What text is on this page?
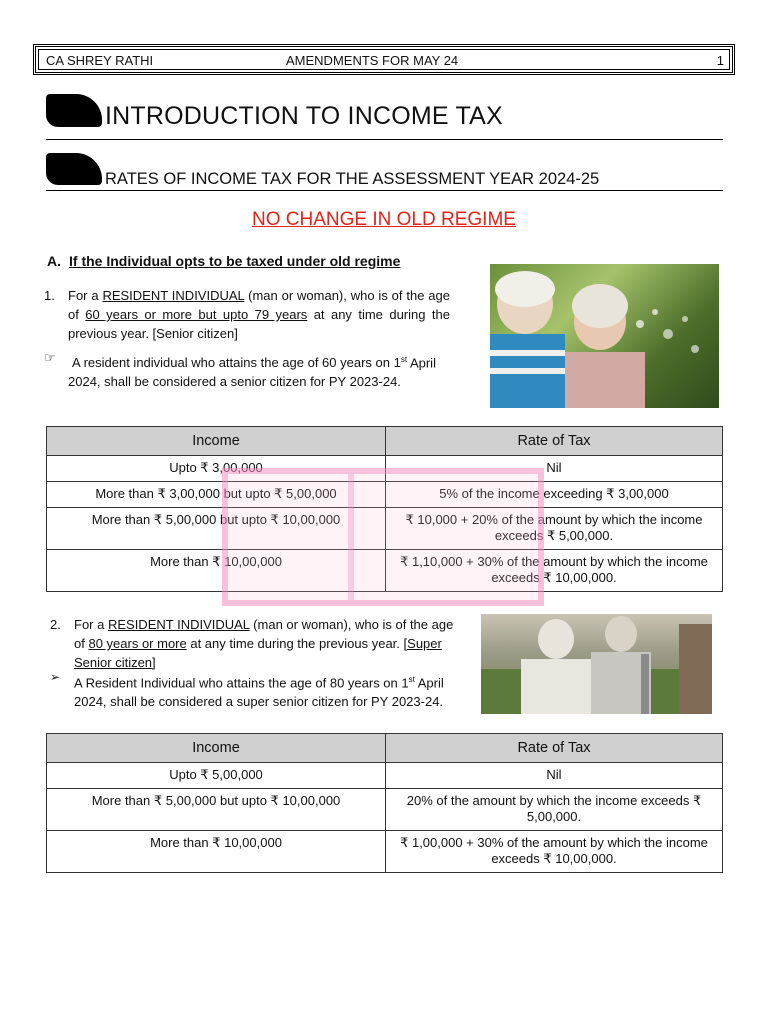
CA SHREY RATHI	AMENDMENTS FOR MAY 24	1
INTRODUCTION TO INCOME TAX
RATES OF INCOME TAX FOR THE ASSESSMENT YEAR 2024-25
NO CHANGE IN OLD REGIME
A. If the Individual opts to be taxed under old regime
1. For a RESIDENT INDIVIDUAL (man or woman), who is of the age of 60 years or more but upto 79 years at any time during the previous year. [Senior citizen]
☞	A resident individual who attains the age of 60 years on 1st April 2024, shall be considered a senior citizen for PY 2023-24.
Income	Rate of Tax
Upto ₹ 3,00,000	Nil
More than ₹ 3,00,000 but upto ₹ 5,00,000	5% of the income exceeding ₹ 3,00,000
More than ₹ 5,00,000 but upto ₹ 10,00,000	₹ 10,000 + 20% of the amount by which the income exceeds ₹ 5,00,000.
More than ₹ 10,00,000	₹ 1,10,000 + 30% of the amount by which the income exceeds ₹ 10,00,000.
2. For a RESIDENT INDIVIDUAL (man or woman), who is of the age of 80 years or more at any time during the previous year. [Super Senior citizen]
➢ A Resident Individual who attains the age of 80 years on 1st April 2024, shall be considered a super senior citizen for PY 2023-24.
Income	Rate of Tax
Upto ₹ 5,00,000	Nil
More than ₹ 5,00,000 but upto ₹ 10,00,000	20% of the amount by which the income exceeds ₹ 5,00,000.
More than ₹ 10,00,000	₹ 1,00,000 + 30% of the amount by which the income exceeds ₹ 10,00,000.
